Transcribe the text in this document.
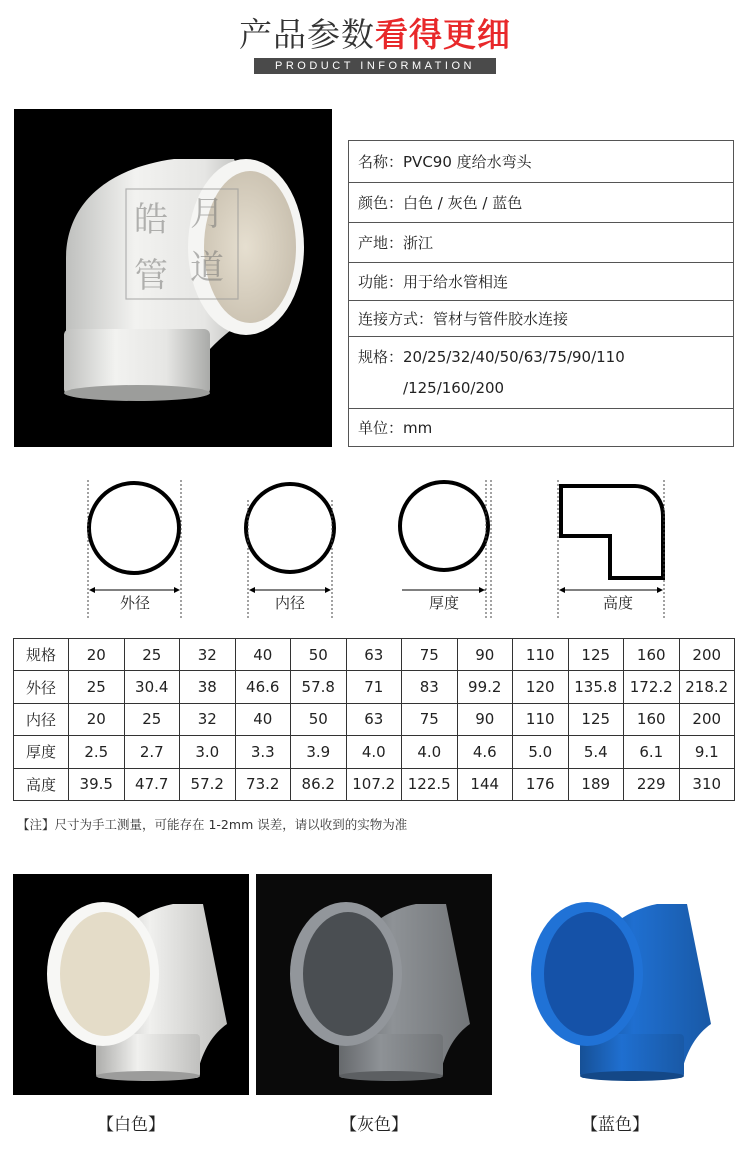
产品参数看得更细
PRODUCT INFORMATION
皓 月
管 道
名称： PVC90 度给水弯头
颜色： 白色 / 灰色 / 蓝色
产地： 浙江
功能： 用于给水管相连
连接方式： 管材与管件胶水连接
规格： 20/25/32/40/50/63/75/90/110
/125/160/200
单位： mm
外径	内径	厚度	高度
规格	20	25	32	40	50	63	75	90	110	125	160	200
外径	25	30.4	38	46.6	57.8	71	83	99.2	120	135.8	172.2	218.2
内径	20	25	32	40	50	63	75	90	110	125	160	200
厚度	2.5	2.7	3.0	3.3	3.9	4.0	4.0	4.6	5.0	5.4	6.1	9.1
高度	39.5	47.7	57.2	73.2	86.2	107.2	122.5	144	176	189	229	310
【注】尺寸为手工测量，可能存在 1-2mm 误差，请以收到的实物为准
【白色】	【灰色】	【蓝色】
